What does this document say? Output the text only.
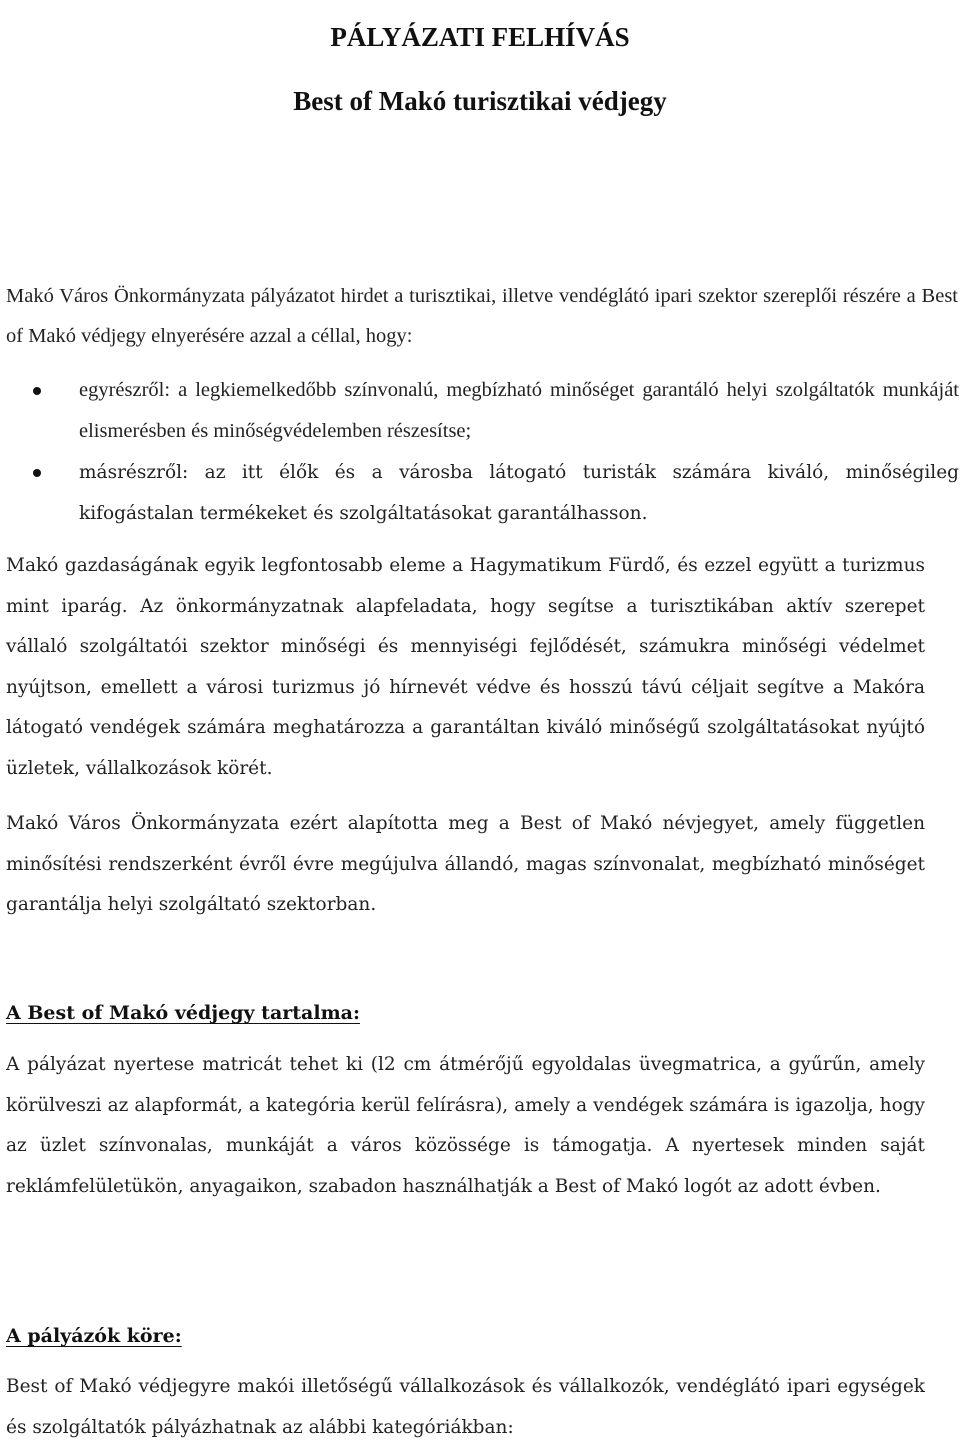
PÁLYÁZATI FELHÍVÁS
Best of Makó turisztikai védjegy

Makó Város Önkormányzata pályázatot hirdet a turisztikai, illetve vendéglátó ipari szektor szereplői részére a Best of Makó védjegy elnyerésére azzal a céllal, hogy:

egyrészről: a legkiemelkedőbb színvonalú, megbízható minőséget garantáló helyi szolgáltatók munkáját elismerésben és minőségvédelemben részesítse;
másrészről: az itt élők és a városba látogató turisták számára kiváló, minőségileg kifogástalan termékeket és szolgáltatásokat garantálhasson.

Makó gazdaságának egyik legfontosabb eleme a Hagymatikum Fürdő, és ezzel együtt a turizmus mint iparág. Az önkormányzatnak alapfeladata, hogy segítse a turisztikában aktív szerepet vállaló szolgáltatói szektor minőségi és mennyiségi fejlődését, számukra minőségi védelmet nyújtson, emellett a városi turizmus jó hírnevét védve és hosszú távú céljait segítve a Makóra látogató vendégek számára meghatározza a garantáltan kiváló minőségű szolgáltatásokat nyújtó üzletek, vállalkozások körét.

Makó Város Önkormányzata ezért alapította meg a Best of Makó névjegyet, amely független minősítési rendszerként évről évre megújulva állandó, magas színvonalat, megbízható minőséget garantálja helyi szolgáltató szektorban.

A Best of Makó védjegy tartalma:

A pályázat nyertese matricát tehet ki (l2 cm átmérőjű egyoldalas üvegmatrica, a gyűrűn, amely körülveszi az alapformát, a kategória kerül felírásra), amely a vendégek számára is igazolja, hogy az üzlet színvonalas, munkáját a város közössége is támogatja. A nyertesek minden saját reklámfelületükön, anyagaikon, szabadon használhatják a Best of Makó logót az adott évben.

A pályázók köre:

Best of Makó védjegyre makói illetőségű vállalkozások és vállalkozók, vendéglátó ipari egységek és szolgáltatók pályázhatnak az alábbi kategóriákban:
